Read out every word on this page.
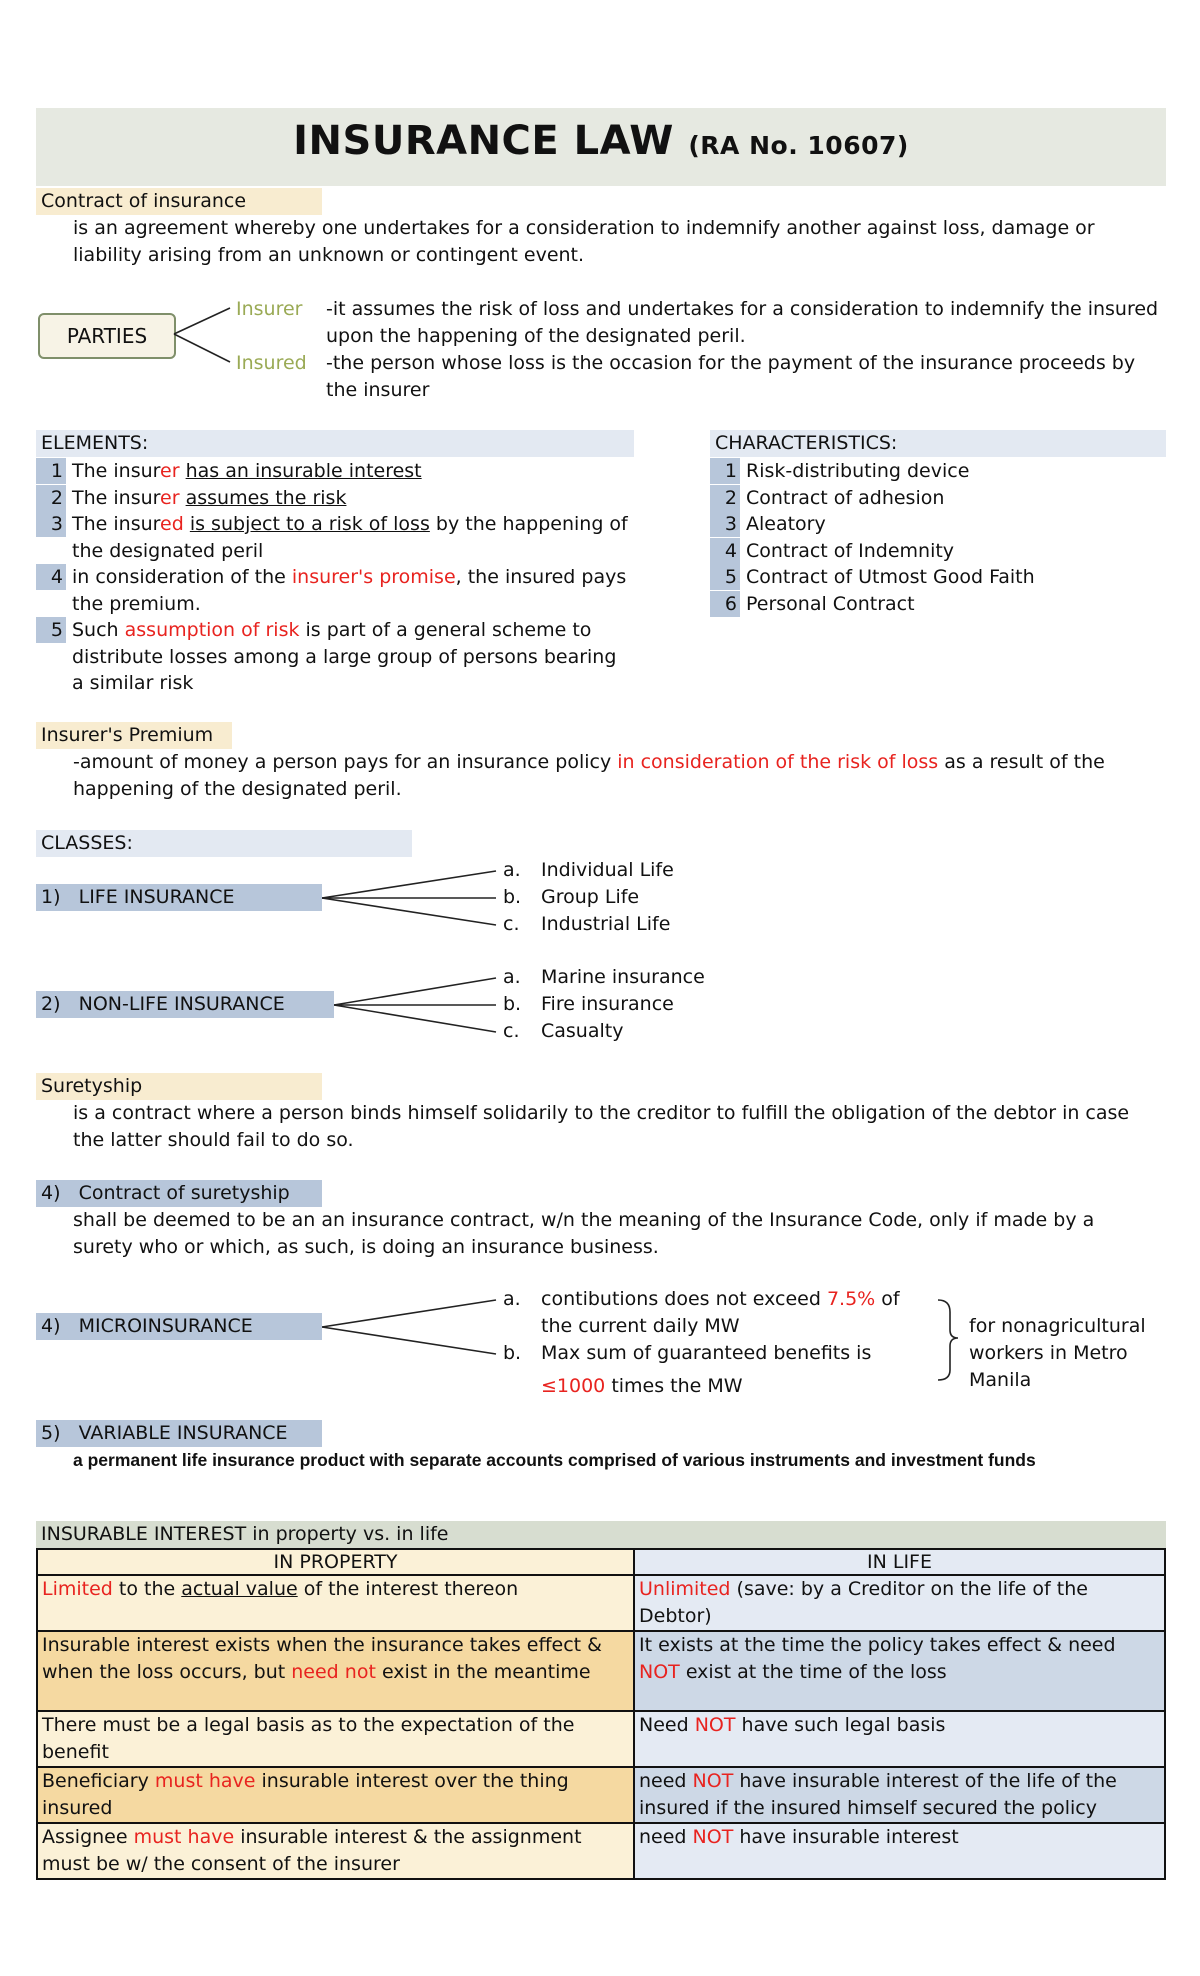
INSURANCE LAW (RA No. 10607)
Contract of insurance
is an agreement whereby one undertakes for a consideration to indemnify another against loss, damage or
liability arising from an unknown or contingent event.
PARTIES
Insurer
Insured
-it assumes the risk of loss and undertakes for a consideration to indemnify the insured
upon the happening of the designated peril.
-the person whose loss is the occasion for the payment of the insurance proceeds by
the insurer
ELEMENTS:
1 The insurer has an insurable interest
2 The insurer assumes the risk
3 The insured is subject to a risk of loss by the happening of
the designated peril
4 in consideration of the insurer's promise, the insured pays
the premium.
5 Such assumption of risk is part of a general scheme to
distribute losses among a large group of persons bearing
a similar risk
CHARACTERISTICS:
1 Risk-distributing device
2 Contract of adhesion
3 Aleatory
4 Contract of Indemnity
5 Contract of Utmost Good Faith
6 Personal Contract
Insurer's Premium
-amount of money a person pays for an insurance policy in consideration of the risk of loss as a result of the
happening of the designated peril.
CLASSES:
1)   LIFE INSURANCE
a. Individual Life
b. Group Life
c. Industrial Life
2)   NON-LIFE INSURANCE
a. Marine insurance
b. Fire insurance
c. Casualty
Suretyship
is a contract where a person binds himself solidarily to the creditor to fulfill the obligation of the debtor in case
the latter should fail to do so.
4)   Contract of suretyship
shall be deemed to be an an insurance contract, w/n the meaning of the Insurance Code, only if made by a
surety who or which, as such, is doing an insurance business.
4)   MICROINSURANCE
a. contibutions does not exceed 7.5% of
the current daily MW
b. Max sum of guaranteed benefits is
≤1000 times the MW
for nonagricultural
workers in Metro
Manila
5)   VARIABLE INSURANCE
a permanent life insurance product with separate accounts comprised of various instruments and investment funds
INSURABLE INTEREST in property vs. in life
IN PROPERTY	IN LIFE
Limited to the actual value of the interest thereon	Unlimited (save: by a Creditor on the life of the
Debtor)
Insurable interest exists when the insurance takes effect &
when the loss occurs, but need not exist in the meantime	It exists at the time the policy takes effect & need
NOT exist at the time of the loss
There must be a legal basis as to the expectation of the
benefit	Need NOT have such legal basis
Beneficiary must have insurable interest over the thing
insured	need NOT have insurable interest of the life of the
insured if the insured himself secured the policy
Assignee must have insurable interest & the assignment
must be w/ the consent of the insurer	need NOT have insurable interest
